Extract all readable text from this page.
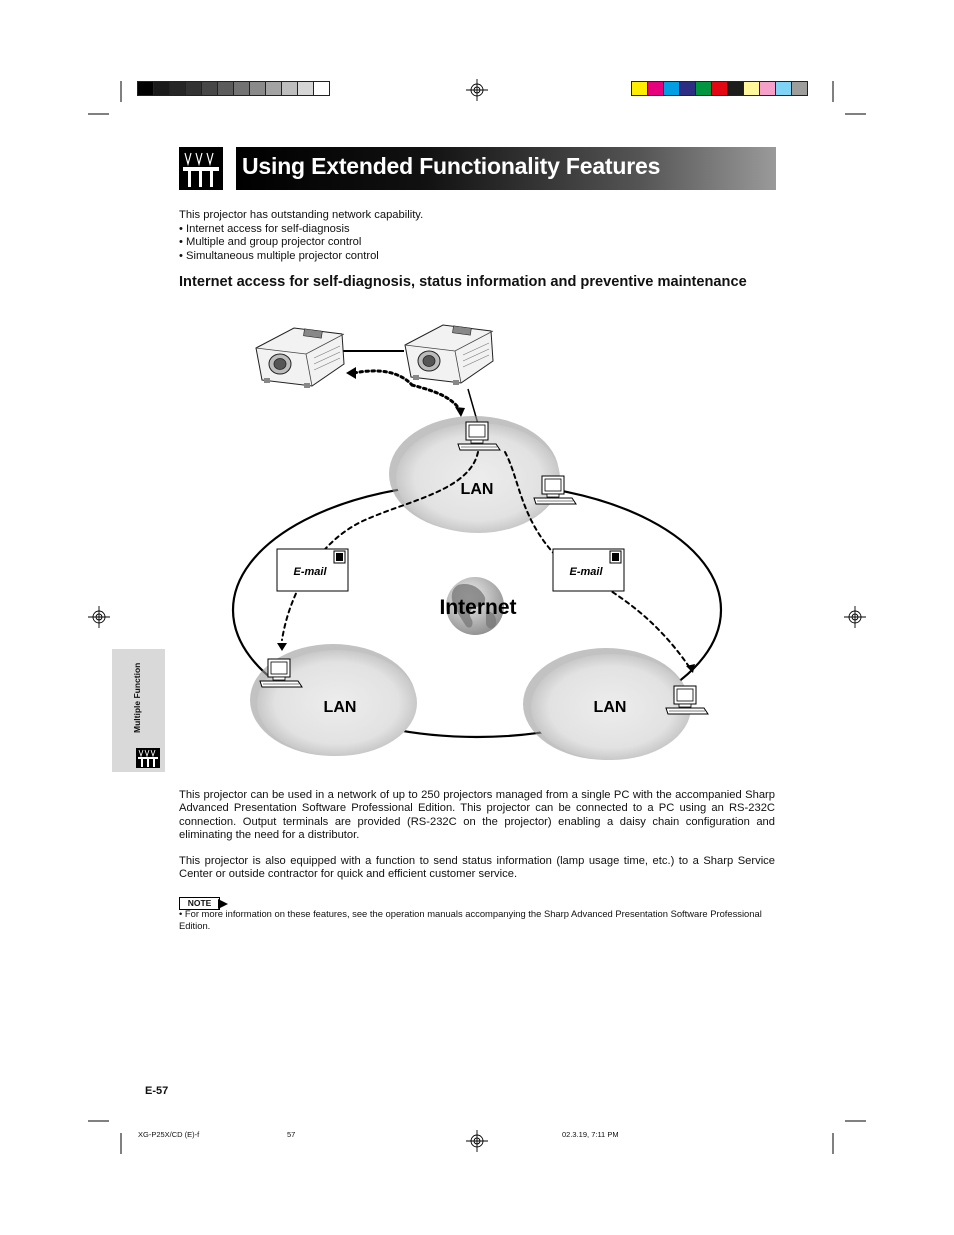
Using Extended Functionality Features
This projector has outstanding network capability.
• Internet access for self-diagnosis
• Multiple and group projector control
• Simultaneous multiple projector control
Internet access for self-diagnosis, status information and preventive maintenance
LAN
LAN	LAN
Internet
E-mail	E-mail
Multiple Function
This projector can be used in a network of up to 250 projectors managed from a single PC with the accompanied Sharp Advanced Presentation Software Professional Edition. This projector can be connected to a PC using an RS-232C connection. Output terminals are provided (RS-232C on the projector) enabling a daisy chain configuration and eliminating the need for a distributor.
This projector is also equipped with a function to send status information (lamp usage time, etc.) to a Sharp Service Center or outside contractor for quick and efficient customer service.
NOTE
• For more information on these features, see the operation manuals accompanying the Sharp Advanced Presentation Software Professional Edition.
E-57
XG-P25X/CD (E)-f	57	02.3.19, 7:11 PM
